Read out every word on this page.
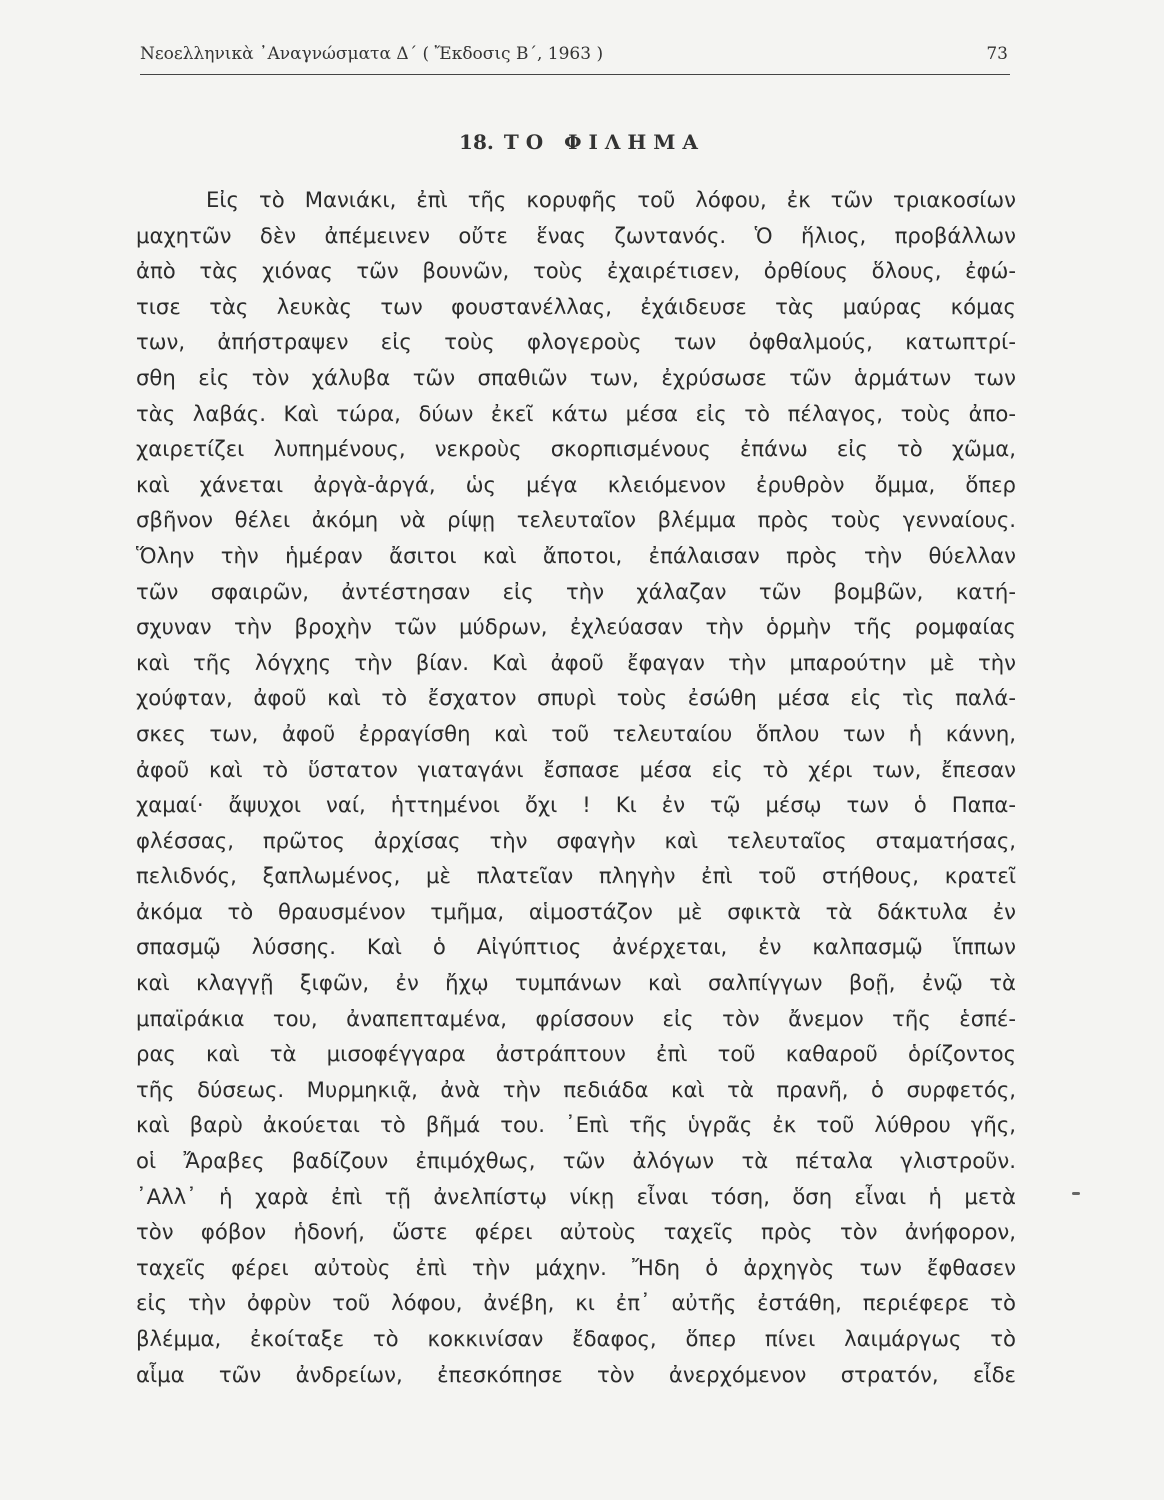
Νεοελληνικὰ ᾿Αναγνώσματα Δ΄ ( Ἔκδοσις Β΄, 1963 )	73
18. ΤΟ ΦΙΛΗΜΑ
Εἰς τὸ Μανιάκι, ἐπὶ τῆς κορυφῆς τοῦ λόφου, ἐκ τῶν τριακοσίων
μαχητῶν δὲν ἀπέμεινεν οὔτε ἕνας ζωντανός. Ὁ ἥλιος, προβάλλων
ἀπὸ τὰς χιόνας τῶν βουνῶν, τοὺς ἐχαιρέτισεν, ὀρθίους ὅλους, ἐφώ-
τισε τὰς λευκὰς των φουστανέλλας, ἐχάιδευσε τὰς μαύρας κόμας
των, ἀπήστραψεν εἰς τοὺς φλογεροὺς των ὀφθαλμούς, κατωπτρί-
σθη εἰς τὸν χάλυβα τῶν σπαθιῶν των, ἐχρύσωσε τῶν ἁρμάτων των
τὰς λαβάς. Καὶ τώρα, δύων ἐκεῖ κάτω μέσα εἰς τὸ πέλαγος, τοὺς ἀπο-
χαιρετίζει λυπημένους, νεκροὺς σκορπισμένους ἐπάνω εἰς τὸ χῶμα,
καὶ χάνεται ἀργὰ-ἀργά, ὡς μέγα κλειόμενον ἐρυθρὸν ὄμμα, ὅπερ
σβῆνον θέλει ἀκόμη νὰ ρίψῃ τελευταῖον βλέμμα πρὸς τοὺς γενναίους.
Ὅλην τὴν ἡμέραν ἄσιτοι καὶ ἄποτοι, ἐπάλαισαν πρὸς τὴν θύελλαν
τῶν σφαιρῶν, ἀντέστησαν εἰς τὴν χάλαζαν τῶν βομβῶν, κατή-
σχυναν τὴν βροχὴν τῶν μύδρων, ἐχλεύασαν τὴν ὁρμὴν τῆς ρομφαίας
καὶ τῆς λόγχης τὴν βίαν. Καὶ ἀφοῦ ἔφαγαν τὴν μπαρούτην μὲ τὴν
χούφταν, ἀφοῦ καὶ τὸ ἔσχατον σπυρὶ τοὺς ἐσώθη μέσα εἰς τὶς παλά-
σκες των, ἀφοῦ ἐρραγίσθη καὶ τοῦ τελευταίου ὅπλου των ἡ κάννη,
ἀφοῦ καὶ τὸ ὕστατον γιαταγάνι ἔσπασε μέσα εἰς τὸ χέρι των, ἔπεσαν
χαμαί· ἄψυχοι ναί, ἡττημένοι ὄχι ! Κι ἐν τῷ μέσῳ των ὁ Παπα-
φλέσσας, πρῶτος ἀρχίσας τὴν σφαγὴν καὶ τελευταῖος σταματήσας,
πελιδνός, ξαπλωμένος, μὲ πλατεῖαν πληγὴν ἐπὶ τοῦ στήθους, κρατεῖ
ἀκόμα τὸ θραυσμένον τμῆμα, αἱμοστάζον μὲ σφικτὰ τὰ δάκτυλα ἐν
σπασμῷ λύσσης. Καὶ ὁ Αἰγύπτιος ἀνέρχεται, ἐν καλπασμῷ ἵππων
καὶ κλαγγῇ ξιφῶν, ἐν ἤχῳ τυμπάνων καὶ σαλπίγγων βοῇ, ἐνῷ τὰ
μπαϊράκια του, ἀναπεπταμένα, φρίσσουν εἰς τὸν ἄνεμον τῆς ἑσπέ-
ρας καὶ τὰ μισοφέγγαρα ἀστράπτουν ἐπὶ τοῦ καθαροῦ ὁρίζοντος
τῆς δύσεως. Μυρμηκιᾷ, ἀνὰ τὴν πεδιάδα καὶ τὰ πρανῆ, ὁ συρφετός,
καὶ βαρὺ ἀκούεται τὸ βῆμά του. ᾿Επὶ τῆς ὑγρᾶς ἐκ τοῦ λύθρου γῆς,
οἱ Ἄραβες βαδίζουν ἐπιμόχθως, τῶν ἀλόγων τὰ πέταλα γλιστροῦν.
᾿Αλλ᾿ ἡ χαρὰ ἐπὶ τῇ ἀνελπίστῳ νίκῃ εἶναι τόση, ὅση εἶναι ἡ μετὰ
τὸν φόβον ἡδονή, ὥστε φέρει αὐτοὺς ταχεῖς πρὸς τὸν ἀνήφορον,
ταχεῖς φέρει αὐτοὺς ἐπὶ τὴν μάχην. Ἤδη ὁ ἀρχηγὸς των ἔφθασεν
εἰς τὴν ὀφρὺν τοῦ λόφου, ἀνέβη, κι ἐπ᾿ αὐτῆς ἐστάθη, περιέφερε τὸ
βλέμμα, ἐκοίταξε τὸ κοκκινίσαν ἔδαφος, ὅπερ πίνει λαιμάργως τὸ
αἷμα τῶν ἀνδρείων, ἐπεσκόπησε τὸν ἀνερχόμενον στρατόν, εἶδε
